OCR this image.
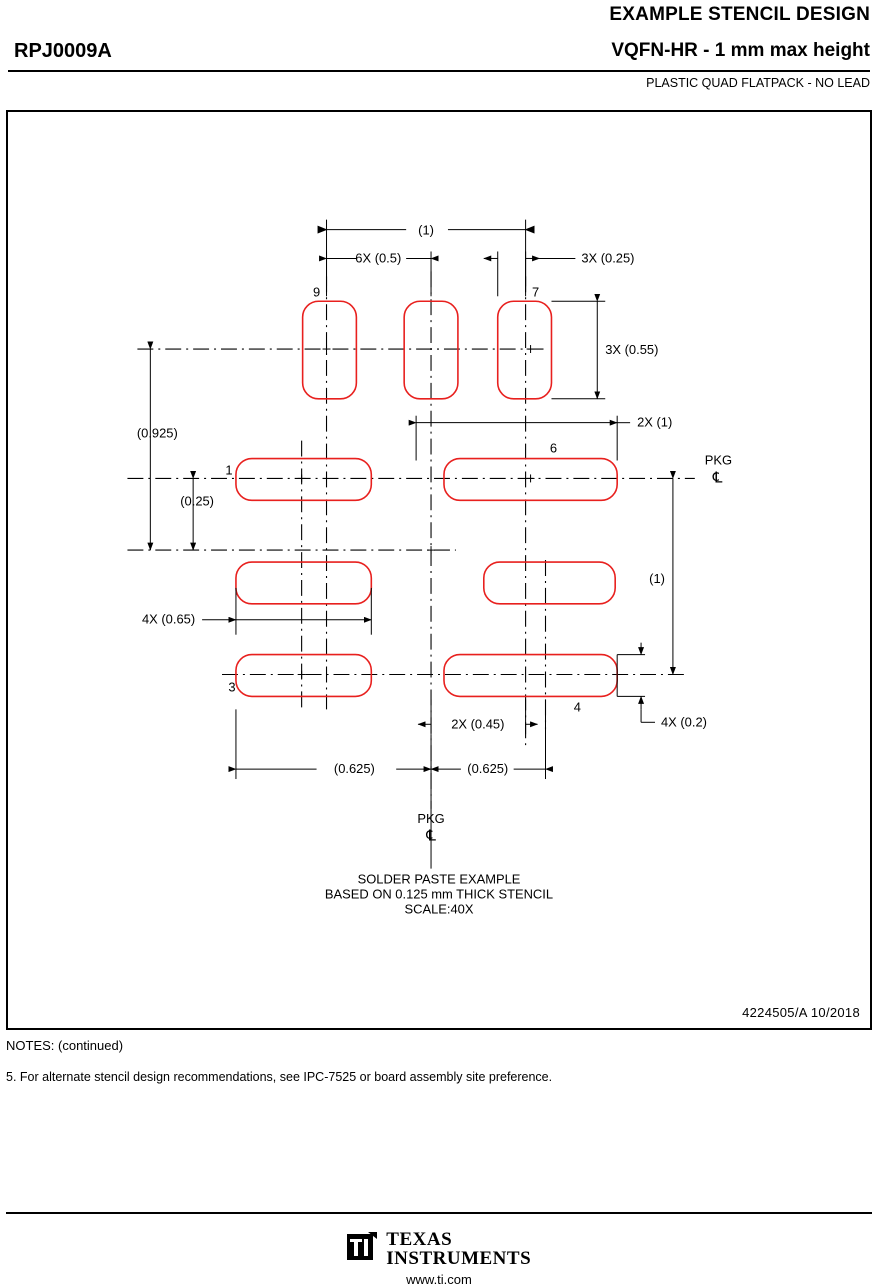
EXAMPLE STENCIL DESIGN
RPJ0009A	VQFN-HR - 1 mm max height
PLASTIC QUAD FLATPACK - NO LEAD
(1)
6X (0.5)	3X (0.25)
3X (0.55)
2X (1)
(0.925)
(0.25)
(1)
4X (0.65)
4X (0.2)
2X (0.45)
(0.625)	(0.625)
9	7
1
6
3
4
PKG
℄
PKG
℄
SOLDER PASTE EXAMPLE
BASED ON 0.125 mm THICK STENCIL
SCALE:40X
4224505/A 10/2018
NOTES: (continued)
5. For alternate stencil design recommendations, see IPC-7525 or board assembly site preference.

TEXAS
INSTRUMENTS
www.ti.com
